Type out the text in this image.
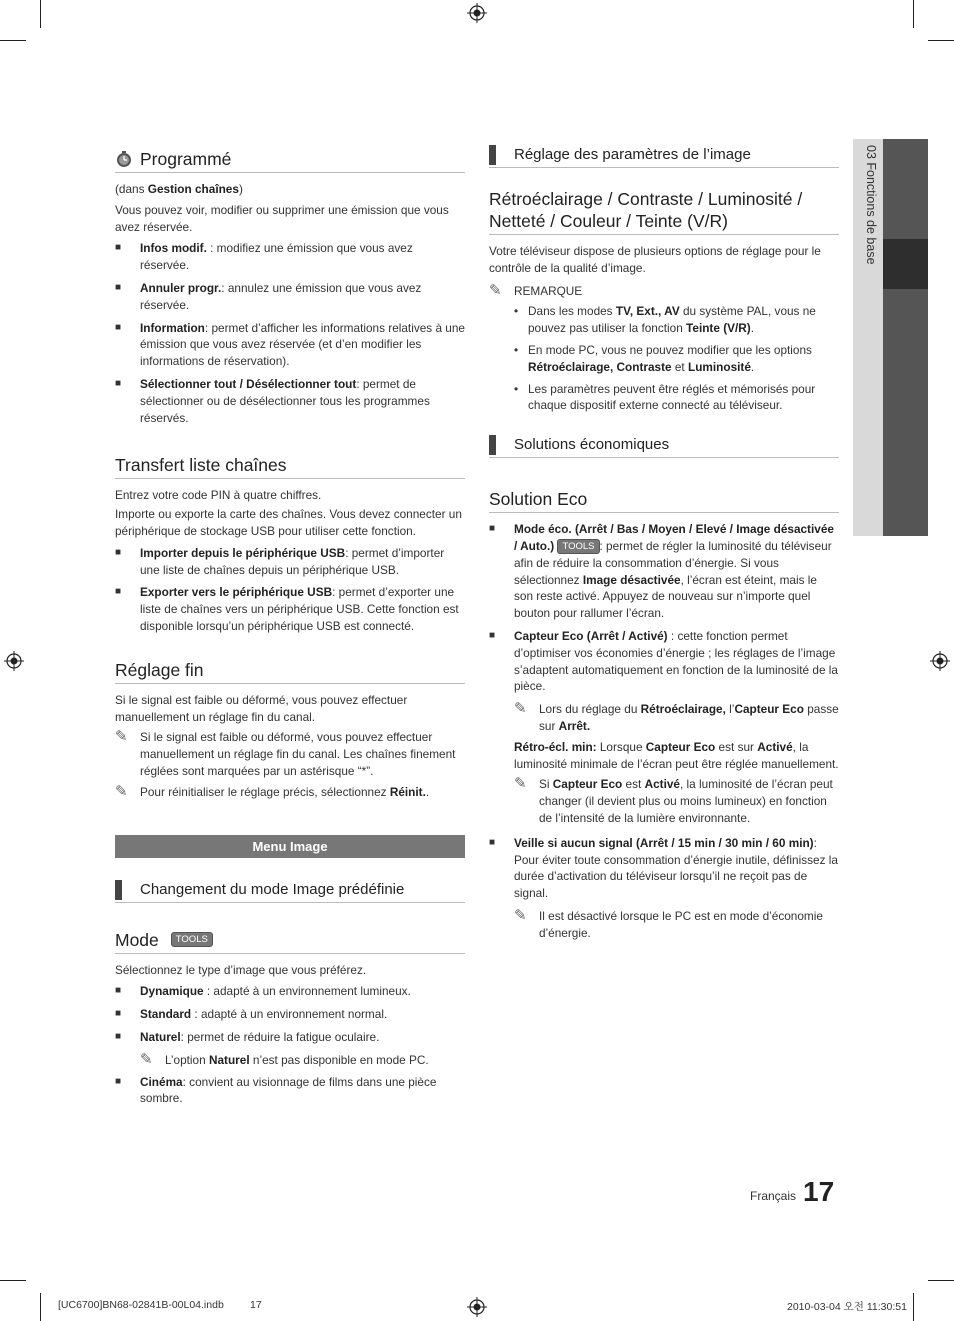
03 Fonctions de base
Programmé
(dans Gestion chaînes)
Vous pouvez voir, modifier ou supprimer une émission que vous avez réservée.
■	Infos modif. : modifiez une émission que vous avez réservée.
■	Annuler progr.: annulez une émission que vous avez réservée.
■	Information: permet d’afficher les informations relatives à une émission que vous avez réservée (et d’en modifier les informations de réservation).
■	Sélectionner tout / Désélectionner tout: permet de sélectionner ou de désélectionner tous les programmes réservés.
Transfert liste chaînes
Entrez votre code PIN à quatre chiffres.
Importe ou exporte la carte des chaînes. Vous devez connecter un périphérique de stockage USB pour utiliser cette fonction.
■	Importer depuis le périphérique USB: permet d’importer une liste de chaînes depuis un périphérique USB.
■	Exporter vers le périphérique USB: permet d’exporter une liste de chaînes vers un périphérique USB. Cette fonction est disponible lorsqu’un périphérique USB est connecté.
Réglage fin
Si le signal est faible ou déformé, vous pouvez effectuer manuellement un réglage fin du canal.
✎	Si le signal est faible ou déformé, vous pouvez effectuer manuellement un réglage fin du canal. Les chaînes finement réglées sont marquées par un astérisque “*”.
✎	Pour réinitialiser le réglage précis, sélectionnez Réinit..
Menu Image
Changement du mode Image prédéfinie
Mode	TOOLS
Sélectionnez le type d’image que vous préférez.
■	Dynamique : adapté à un environnement lumineux.
■	Standard : adapté à un environnement normal.
■	Naturel: permet de réduire la fatigue oculaire.
✎	L’option Naturel n’est pas disponible en mode PC.
■	Cinéma: convient au visionnage de films dans une pièce sombre.
Réglage des paramètres de l’image
Rétroéclairage / Contraste / Luminosité / Netteté / Couleur / Teinte (V/R)
Votre téléviseur dispose de plusieurs options de réglage pour le contrôle de la qualité d’image.
✎	REMARQUE
• Dans les modes TV, Ext., AV du système PAL, vous ne pouvez pas utiliser la fonction Teinte (V/R).
• En mode PC, vous ne pouvez modifier que les options Rétroéclairage, Contraste et Luminosité.
• Les paramètres peuvent être réglés et mémorisés pour chaque dispositif externe connecté au téléviseur.
Solutions économiques
Solution Eco
■	Mode éco. (Arrêt / Bas / Moyen / Elevé / Image désactivée / Auto.) TOOLS : permet de régler la luminosité du téléviseur afin de réduire la consommation d’énergie. Si vous sélectionnez Image désactivée, l’écran est éteint, mais le son reste activé. Appuyez de nouveau sur n’importe quel bouton pour rallumer l’écran.
■	Capteur Eco (Arrêt / Activé) : cette fonction permet d’optimiser vos économies d’énergie ; les réglages de l’image s’adaptent automatiquement en fonction de la luminosité de la pièce.
✎	Lors du réglage du Rétroéclairage, l’Capteur Eco passe sur Arrêt.
Rétro-écl. min: Lorsque Capteur Eco est sur Activé, la luminosité minimale de l’écran peut être réglée manuellement.
✎	Si Capteur Eco est Activé, la luminosité de l’écran peut changer (il devient plus ou moins lumineux) en fonction de l’intensité de la lumière environnante.
■	Veille si aucun signal (Arrêt / 15 min / 30 min / 60 min): Pour éviter toute consommation d’énergie inutile, définissez la durée d’activation du téléviseur lorsqu’il ne reçoit pas de signal.
✎	Il est désactivé lorsque le PC est en mode d’économie d’énergie.
Français 17
[UC6700]BN68-02841B-00L04.indb 17	2010-03-04 오전 11:30:51
